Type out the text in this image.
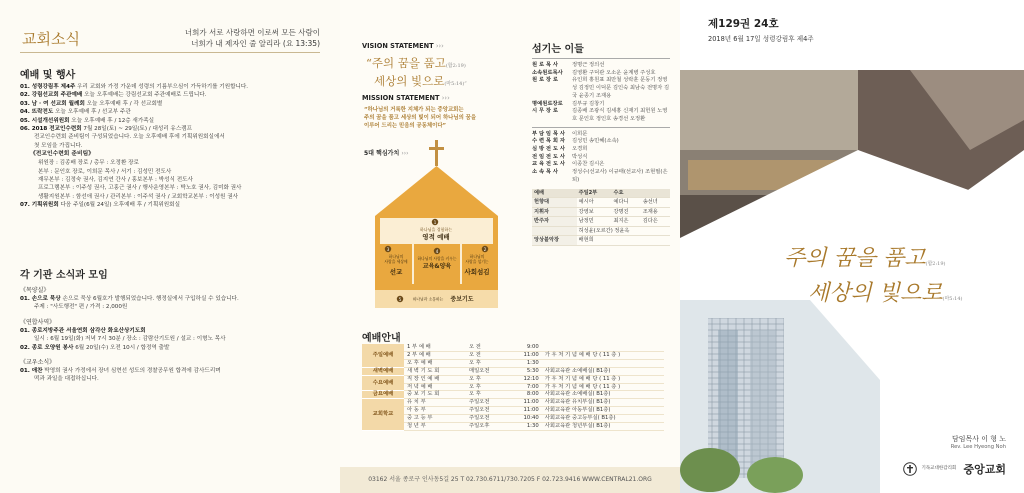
교회소식	너희가 서로 사랑하면 이로써 모든 사람이
너희가 내 제자인 줄 알리라 (요 13:35)
예배 및 행사
01. 성령강림후 제4주 우리 교회와 가정 가운데 성령의 기름부으심이 가득하기를 기원합니다.
02. 강림선교회 주관예배 오늘 오후예배는 강림선교회 주관예배로 드립니다.
03. 남 · 여 선교회 월례회 오늘 오후예배 후 / 각 선교회별
04. 뜨락전도 오늘 오후예배 후 / 선교부 주관
05. 시설개선위원회 오늘 오후예배 후 / 12층 새가족실
06. 2018 전교인수련회 7월 28일(토) ~ 29일(토) / 대성리 유스캠프
전교인수련회 준비팀이 구성되었습니다. 오늘 오후예배 후에 기획위원회실에서
첫 모임을 가집니다.
《전교인수련회 준비팀》
위원장 : 김종배 장로 / 총무 : 오정환 장로
본부 : 문인호 장로, 이희문 목사 / 서기 : 김성민 전도사
재무본부 : 김정숙 권사, 김지연 간사 / 홍보본부 : 박성식 전도사
프로그램본부 : 이주성 권사, 고홍근 권사 / 행사운영본부 : 박노호 권사, 김미화 권사
생활지원본부 : 함선애 권사 / 관리본부 : 이주석 권사 / 교회학교본부 : 이성원 권사
07. 기획위원회 다음 주일(6월 24일) 오후예배 후 / 기획위원회실
각 기관 소식과 모임
《목양실》
01. 손으로 묵상 손으로 묵상 6월호가 발행되었습니다. 행정실에서 구입하실 수 있습니다.
주제 : "사도행전" 편 / 가격 : 2,000원
《연합사역》
01. 종로지방주관 서울연회 삼각산 화요산상기도회
일시 : 6월 19일(화) 저녁 7시 30분 / 장소 : 감람산기도원 / 설교 : 이형노 목사
02. 종로 오양원 봉사 6월 20일(수) 오전 10시 / 합정역 출발
《교우소식》
01. 애찬 박영희 권사 가정에서 장녀 심현선 성도의 경찰공무원 합격에 감사드리며
떡과 과일을 대접하십니다.
VISION STATEMENT ›››
“주의 꿈을 품고(합2:19)
세상의 빛으로(마5:14)”
MISSION STATEMENT ›››
“하나님의 거룩한 지체가 되는 중앙교회는
주의 꿈을 품고 세상의 빛이 되어 하나님의 꿈을
이루어 드리는 믿음의 공동체이다”
5대 핵심가치 ›››
1
하나님을 경험하는
영적 예배
4
하나님의 사랑을 키우는
교육&양육
3
하나님의
사랑을 세상에
선교
2
하나님의
사랑을 섬기는
사회섬김
5	하나님과 소통하는 중보기도
예배안내
주일예배	1 부 예 배	오 전	9:00	
	2 부 예 배	오 전	11:00	가 우 처 기 념 예 배 당 ( 11 층 )
	오 후 예 배	오 후	1:30	
새벽예배	새 벽 기 도 회	매일오전	5:30	사회교육관 소예배실( B1층)
수요예배	직 장 인 예 배	오 후	12:10	가 우 처 기 념 예 배 당 ( 11 층 )
	저 녁 예 배	오 후	7:00	가 우 처 기 념 예 배 당 ( 11 층 )
금요예배	중 보 기 도 회	오 후	8:00	사회교육관 소예배실( B1층)
교회학교	유 치 부	주일오전	11:00	사회교육관 유치부실( B1층)
	아 동 부	주일오전	11:00	사회교육관 아동부실( B1층)
	중 고 등 부	주일오전	10:40	사회교육관 중고등부실( B1층)
	청 년 부	주일오후	1:30	사회교육관 청년부실( B1층)
섬기는 이들
원 로 목 사	정명근 정의선
소속원로목사	김영환 구덕관 오소운 윤계병 주성호
원 로 장 로	유인희 홍원표 최만철 성락훈 문동기 정영성 김정민 이덕문 김인숙 최남숙 전명자 김 국 윤종기 조재용
명예원로장로	김부규 김창기
시 무 장 로	김종배 조광식 김세홍 신재기 최헌원 노영호 문인호 정인호 송경선 오정환
부 담 임 목 사	이희문
수 련 목 회 자	김성민 송민혜(소속)
심 방 전 도 사	오경희
전 임 전 도 사	박성식
교 육 전 도 사	이종찬 김시온
소 속 목 사	정성수(선교사) 이규태(선교사) 조현필(은퇴)
예배	주일2부	수요	
헌향대	예시아	예다니	송선녀
지휘자	강영보	강명진	조재용
반주자	남정민	최지은	김다은
	허성윤(오르간) 정윤옥		
앙상블악장	배현희		
03162 서울 종로구 인사동5길 25 T 02.730.6711/730.7205 F 02.723.9416 WWW.CENTRAL21.ORG
제129권 24호
2018년 6월 17일 성령강림후 제4주
주의 꿈을 품고(합2:19)
세상의 빛으로(마5:14)
담임목사 이 형 노
Rev. Lee Hyeong Noh
기독교대한감리회 중앙교회
